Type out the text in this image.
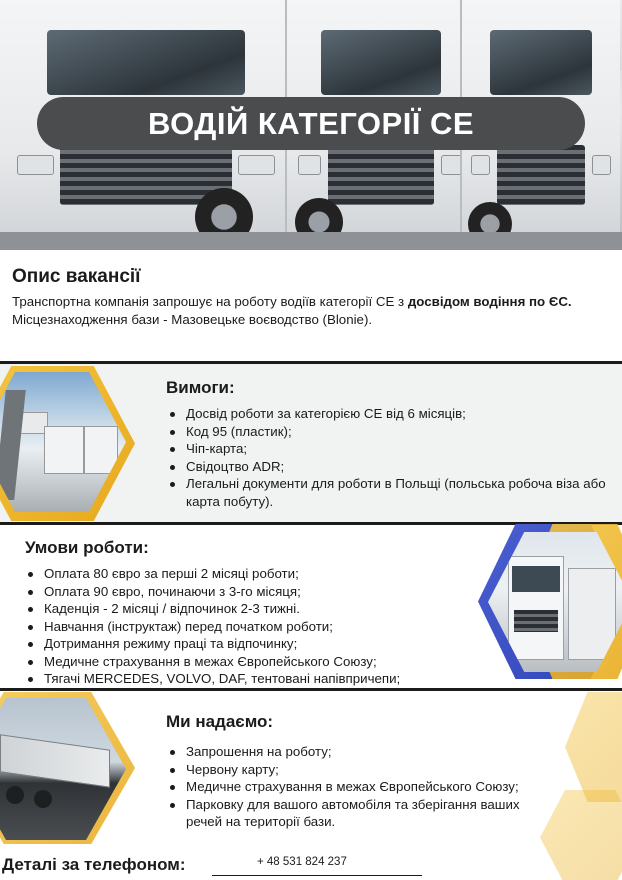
ВОДІЙ КАТЕГОРІЇ СЕ
Опис вакансії
Транспортна компанія запрошує на роботу водіїв категорії CE з досвідом водіння по ЄС.
Місцезнаходження бази - Мазовецьке воєводство (Blonie).
Вимоги:
Досвід роботи за категорією CE від 6 місяців;
Код 95 (пластик);
Чіп-карта;
Свідоцтво ADR;
Легальні документи для роботи в Польщі (польська робоча віза або карта побуту).
Умови роботи:
Оплата 80 євро за перші 2 місяці роботи;
Оплата 90 євро, починаючи з 3-го місяця;
Каденція - 2 місяці / відпочинок 2-3 тижні.
Навчання (інструктаж) перед початком роботи;
Дотримання режиму праці та відпочинку;
Медичне страхування в межах Європейського Союзу;
Тягачі MERCEDES, VOLVO, DAF, тентовані напівпричепи;
Ми надаємо:
Запрошення на роботу;
Червону карту;
Медичне страхування в межах Європейського Союзу;
Парковку для вашого автомобіля та зберігання ваших речей на території бази.
Деталі за телефоном:	+ 48 531 824 237
